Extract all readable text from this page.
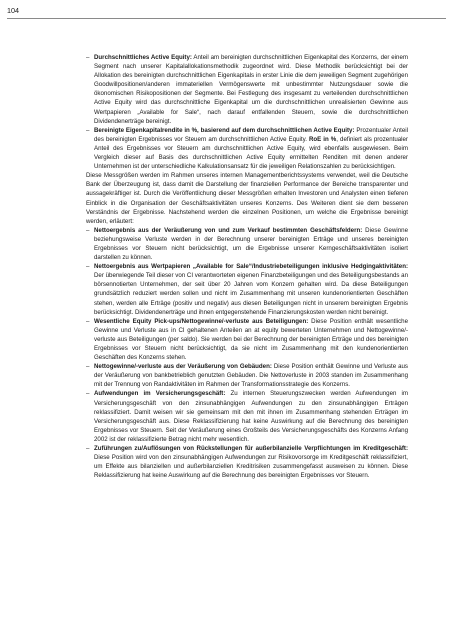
104
– Durchschnittliches Active Equity: Anteil am bereinigten durchschnittlichen Eigenkapital des Konzerns, der einem Segment nach unserer Kapitalallokationsmethodik zugeordnet wird. Diese Methodik berücksichtigt bei der Allokation des bereinigten durchschnittlichen Eigenkapitals in erster Linie die dem jeweiligen Segment zugehörigen Goodwillpositionen/anderen immateriellen Vermögenswerte mit unbestimmter Nutzungsdauer sowie die ökonomischen Risikopositionen der Segmente. Bei Festlegung des insgesamt zu verteilenden durchschnittlichen Active Equity wird das durchschnittliche Eigenkapital um die durchschnittlichen unrealisierten Gewinne aus Wertpapieren „Available for Sale“, nach darauf entfallenden Steuern, sowie die durchschnittlichen Dividendenerträge bereinigt.

– Bereinigte Eigenkapitalrendite in %, basierend auf dem durchschnittlichen Active Equity: Prozentualer Anteil des bereinigten Ergebnisses vor Steuern am durchschnittlichen Active Equity. RoE in %, definiert als prozentualer Anteil des Ergebnisses vor Steuern am durchschnittlichen Active Equity, wird ebenfalls ausgewiesen. Beim Vergleich dieser auf Basis des durchschnittlichen Active Equity ermittelten Renditen mit denen anderer Unternehmen ist der unterschiedliche Kalkulationsansatz für die jeweiligen Relationszahlen zu berücksichtigen.

Diese Messgrößen werden im Rahmen unseres internen Managementberichtssystems verwendet, weil die Deutsche Bank der Überzeugung ist, dass damit die Darstellung der finanziellen Performance der Bereiche transparenter und aussagekräftiger ist. Durch die Veröffentlichung dieser Messgrößen erhalten Investoren und Analysten einen tieferen Einblick in die Organisation der Geschäftsaktivitäten unseres Konzerns. Des Weiteren dient sie dem besseren Verständnis der Ergebnisse. Nachstehend werden die einzelnen Positionen, um welche die Ergebnisse bereinigt werden, erläutert:

– Nettoergebnis aus der Veräußerung von und zum Verkauf bestimmten Geschäftsfeldern: Diese Gewinne beziehungsweise Verluste werden in der Berechnung unserer bereinigten Erträge und unseres bereinigten Ergebnisses vor Steuern nicht berücksichtigt, um die Ergebnisse unserer Kerngeschäftsaktivitäten isoliert darstellen zu können.

– Nettoergebnis aus Wertpapieren „Available for Sale“/Industriebeteiligungen inklusive Hedgingaktivitäten: Der überwiegende Teil dieser von CI verantworteten eigenen Finanzbeteiligungen und des Beteiligungsbestands an börsennotierten Unternehmen, der seit über 20 Jahren vom Konzern gehalten wird. Da diese Beteiligungen grundsätzlich reduziert werden sollen und nicht im Zusammenhang mit unseren kundenorientierten Geschäften stehen, werden alle Erträge (positiv und negativ) aus diesen Beteiligungen nicht in unserem bereinigten Ergebnis berücksichtigt. Dividendenerträge und ihnen entgegenstehende Finanzierungskosten werden nicht bereinigt.

– Wesentliche Equity Pick-ups/Nettogewinne/-verluste aus Beteiligungen: Diese Position enthält wesentliche Gewinne und Verluste aus in CI gehaltenen Anteilen an at equity bewerteten Unternehmen und Nettogewinne/-verluste aus Beteiligungen (per saldo). Sie werden bei der Berechnung der bereinigten Erträge und des bereinigten Ergebnisses vor Steuern nicht berücksichtigt, da sie nicht im Zusammenhang mit den kundenorientierten Geschäften des Konzerns stehen.

– Nettogewinne/-verluste aus der Veräußerung von Gebäuden: Diese Position enthält Gewinne und Verluste aus der Veräußerung von bankbetrieblich genutzten Gebäuden. Die Nettoverluste in 2003 standen im Zusammenhang mit der Trennung von Randaktivitäten im Rahmen der Transformationsstrategie des Konzerns.

– Aufwendungen im Versicherungsgeschäft: Zu internen Steuerungszwecken werden Aufwendungen im Versicherungsgeschäft von den zinsunabhängigen Aufwendungen zu den zinsunabhängigen Erträgen reklassifiziert. Damit weisen wir sie gemeinsam mit den mit ihnen im Zusammenhang stehenden Erträgen im Versicherungsgeschäft aus. Diese Reklassifizierung hat keine Auswirkung auf die Berechnung des bereinigten Ergebnisses vor Steuern. Seit der Veräußerung eines Großteils des Versicherungsgeschäfts des Konzerns Anfang 2002 ist der reklassifizierte Betrag nicht mehr wesentlich.

– Zuführungen zu/Auflösungen von Rückstellungen für außerbilanzielle Verpflichtungen im Kreditgeschäft: Diese Position wird von den zinsunabhängigen Aufwendungen zur Risikovorsorge im Kreditgeschäft reklassifiziert, um Effekte aus bilanziellen und außerbilanziellen Kreditrisiken zusammengefasst ausweisen zu können. Diese Reklassifizierung hat keine Auswirkung auf die Berechnung des bereinigten Ergebnisses vor Steuern.
